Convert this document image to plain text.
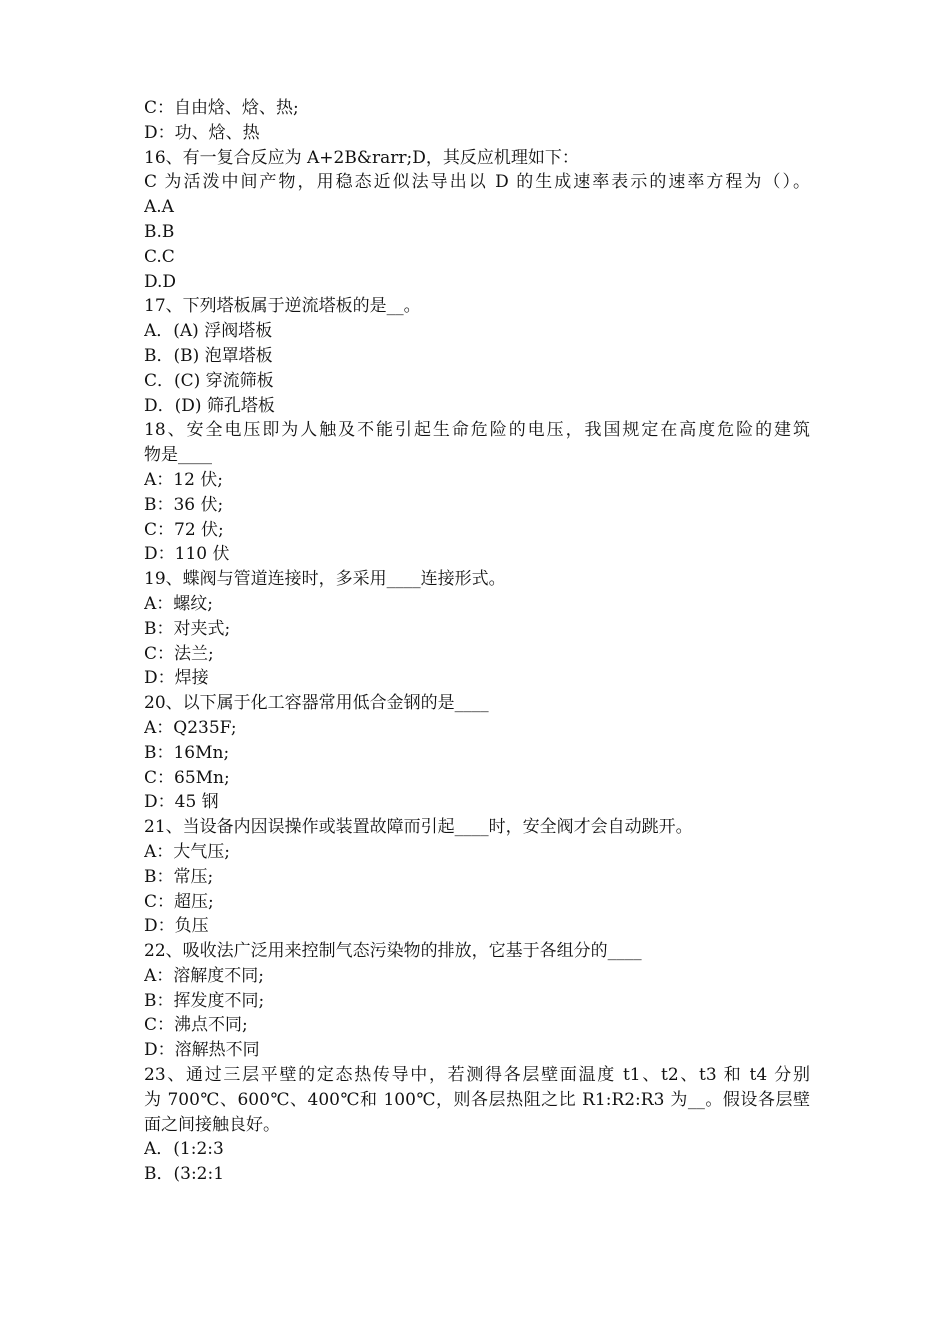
C：自由焓、焓、热;
D：功、焓、热
16、有一复合反应为 A+2B&rarr;D，其反应机理如下：
C 为活泼中间产物，用稳态近似法导出以 D 的生成速率表示的速率方程为（）。
A.A
B.B
C.C
D.D
17、下列塔板属于逆流塔板的是__。
A．(A) 浮阀塔板
B．(B) 泡罩塔板
C．(C) 穿流筛板
D．(D) 筛孔塔板
18、安全电压即为人触及不能引起生命危险的电压，我国规定在高度危险的建筑
物是____
A：12 伏;
B：36 伏;
C：72 伏;
D：110 伏
19、蝶阀与管道连接时，多采用____连接形式。
A：螺纹;
B：对夹式;
C：法兰;
D：焊接
20、以下属于化工容器常用低合金钢的是____
A：Q235F;
B：16Mn;
C：65Mn;
D：45 钢
21、当设备内因误操作或装置故障而引起____时，安全阀才会自动跳开。
A：大气压;
B：常压;
C：超压;
D：负压
22、吸收法广泛用来控制气态污染物的排放，它基于各组分的____
A：溶解度不同;
B：挥发度不同;
C：沸点不同;
D：溶解热不同
23、通过三层平壁的定态热传导中，若测得各层壁面温度 t1、t2、t3 和 t4 分别
为 700℃、600℃、400℃和 100℃，则各层热阻之比 R1:R2:R3 为__。假设各层壁
面之间接触良好。
A．(1:2:3
B．(3:2:1
